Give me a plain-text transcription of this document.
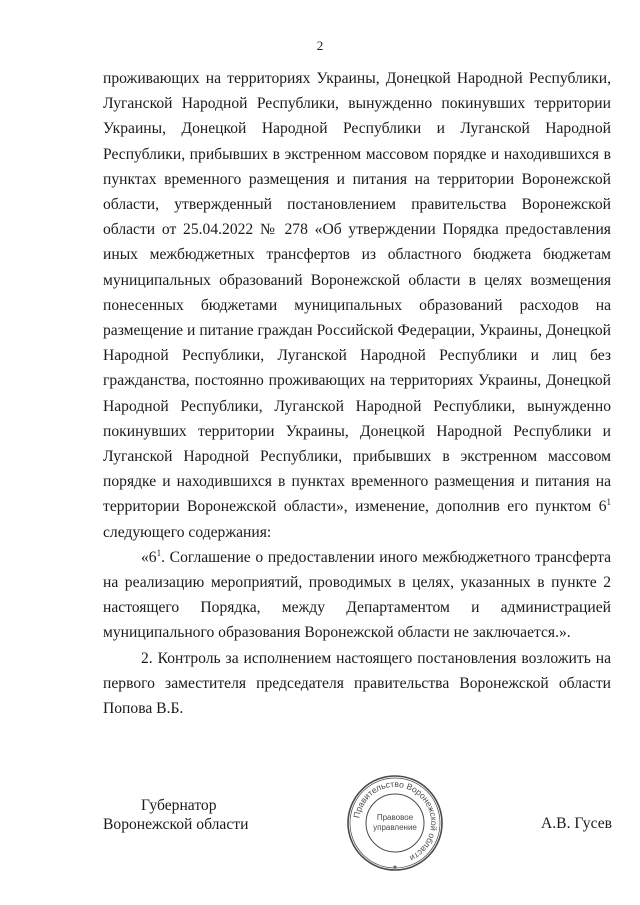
2

проживающих на территориях Украины, Донецкой Народной Республики, Луганской Народной Республики, вынужденно покинувших территории Украины, Донецкой Народной Республики и Луганской Народной Республики, прибывших в экстренном массовом порядке и находившихся в пунктах временного размещения и питания на территории Воронежской области, утвержденный постановлением правительства Воронежской области от 25.04.2022 № 278 «Об утверждении Порядка предоставления иных межбюджетных трансфертов из областного бюджета бюджетам муниципальных образований Воронежской области в целях возмещения понесенных бюджетами муниципальных образований расходов на размещение и питание граждан Российской Федерации, Украины, Донецкой Народной Республики, Луганской Народной Республики и лиц без гражданства, постоянно проживающих на территориях Украины, Донецкой Народной Республики, Луганской Народной Республики, вынужденно покинувших территории Украины, Донецкой Народной Республики и Луганской Народной Республики, прибывших в экстренном массовом порядке и находившихся в пунктах временного размещения и питания на территории Воронежской области», изменение, дополнив его пунктом $6^1$ следующего содержания:

«$6^1$. Соглашение о предоставлении иного межбюджетного трансферта на реализацию мероприятий, проводимых в целях, указанных в пункте 2 настоящего Порядка, между Департаментом и администрацией муниципального образования Воронежской области не заключается.».

2. Контроль за исполнением настоящего постановления возложить на первого заместителя председателя правительства Воронежской области Попова В.Б.

Губернатор
Воронежской области
Правительство Воронежской области
Правовое
управление
★
А.В. Гусев
